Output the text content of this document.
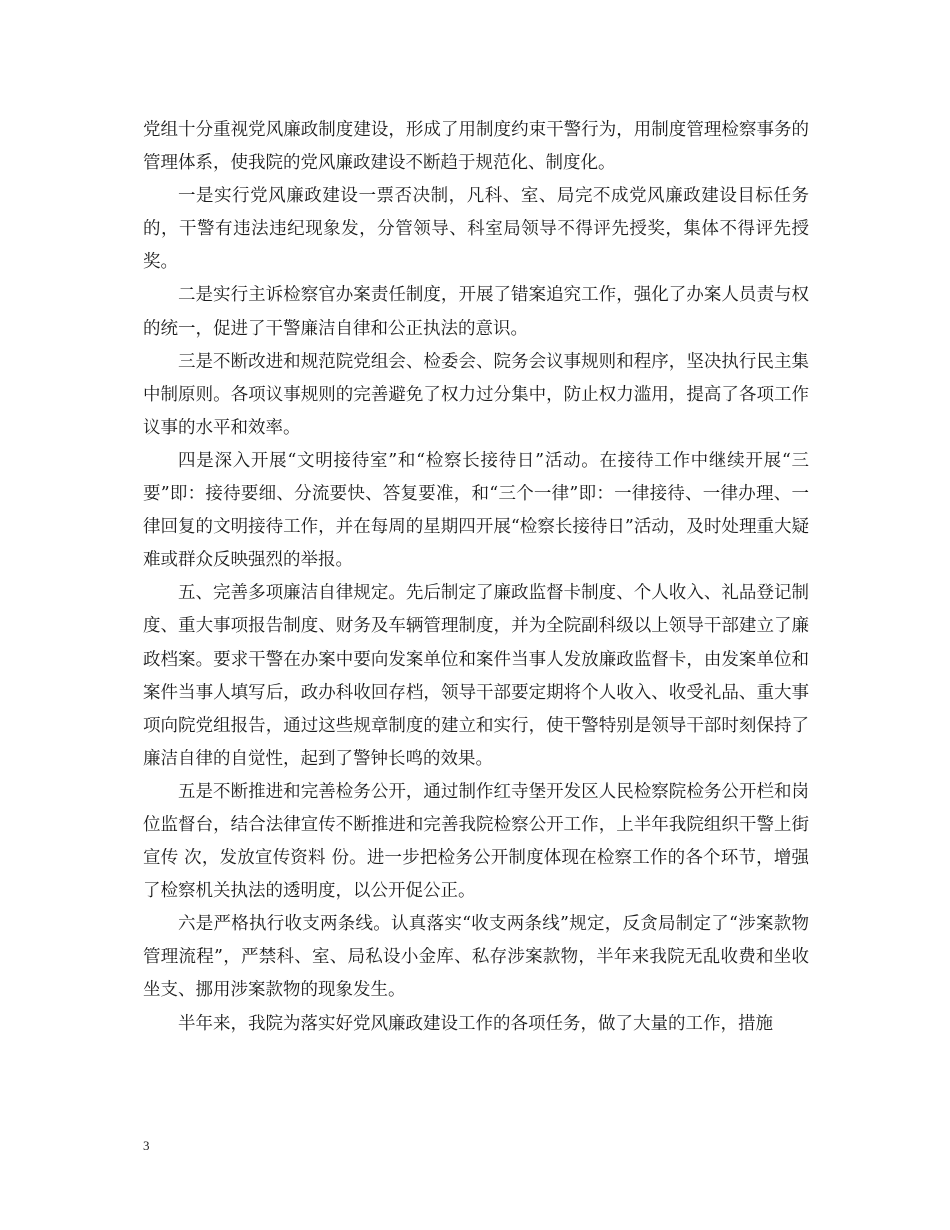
党组十分重视党风廉政制度建设，形成了用制度约束干警行为，用制度管理检察事务的管理体系，使我院的党风廉政建设不断趋于规范化、制度化。

一是实行党风廉政建设一票否决制，凡科、室、局完不成党风廉政建设目标任务的，干警有违法违纪现象发，分管领导、科室局领导不得评先授奖，集体不得评先授奖。

二是实行主诉检察官办案责任制度，开展了错案追究工作，强化了办案人员责与权的统一，促进了干警廉洁自律和公正执法的意识。

三是不断改进和规范院党组会、检委会、院务会议事规则和程序，坚决执行民主集中制原则。各项议事规则的完善避免了权力过分集中，防止权力滥用，提高了各项工作议事的水平和效率。

四是深入开展“文明接待室”和“检察长接待日”活动。在接待工作中继续开展“三要”即：接待要细、分流要快、答复要准，和“三个一律”即：一律接待、一律办理、一律回复的文明接待工作，并在每周的星期四开展“检察长接待日”活动，及时处理重大疑难或群众反映强烈的举报。

五、完善多项廉洁自律规定。先后制定了廉政监督卡制度、个人收入、礼品登记制度、重大事项报告制度、财务及车辆管理制度，并为全院副科级以上领导干部建立了廉政档案。要求干警在办案中要向发案单位和案件当事人发放廉政监督卡，由发案单位和案件当事人填写后，政办科收回存档，领导干部要定期将个人收入、收受礼品、重大事项向院党组报告，通过这些规章制度的建立和实行，使干警特别是领导干部时刻保持了廉洁自律的自觉性，起到了警钟长鸣的效果。

五是不断推进和完善检务公开，通过制作红寺堡开发区人民检察院检务公开栏和岗位监督台，结合法律宣传不断推进和完善我院检察公开工作，上半年我院组织干警上街宣传 次，发放宣传资料 份。进一步把检务公开制度体现在检察工作的各个环节，增强了检察机关执法的透明度，以公开促公正。

六是严格执行收支两条线。认真落实“收支两条线”规定，反贪局制定了“涉案款物管理流程”，严禁科、室、局私设小金库、私存涉案款物，半年来我院无乱收费和坐收坐支、挪用涉案款物的现象发生。

半年来，我院为落实好党风廉政建设工作的各项任务，做了大量的工作，措施

3
